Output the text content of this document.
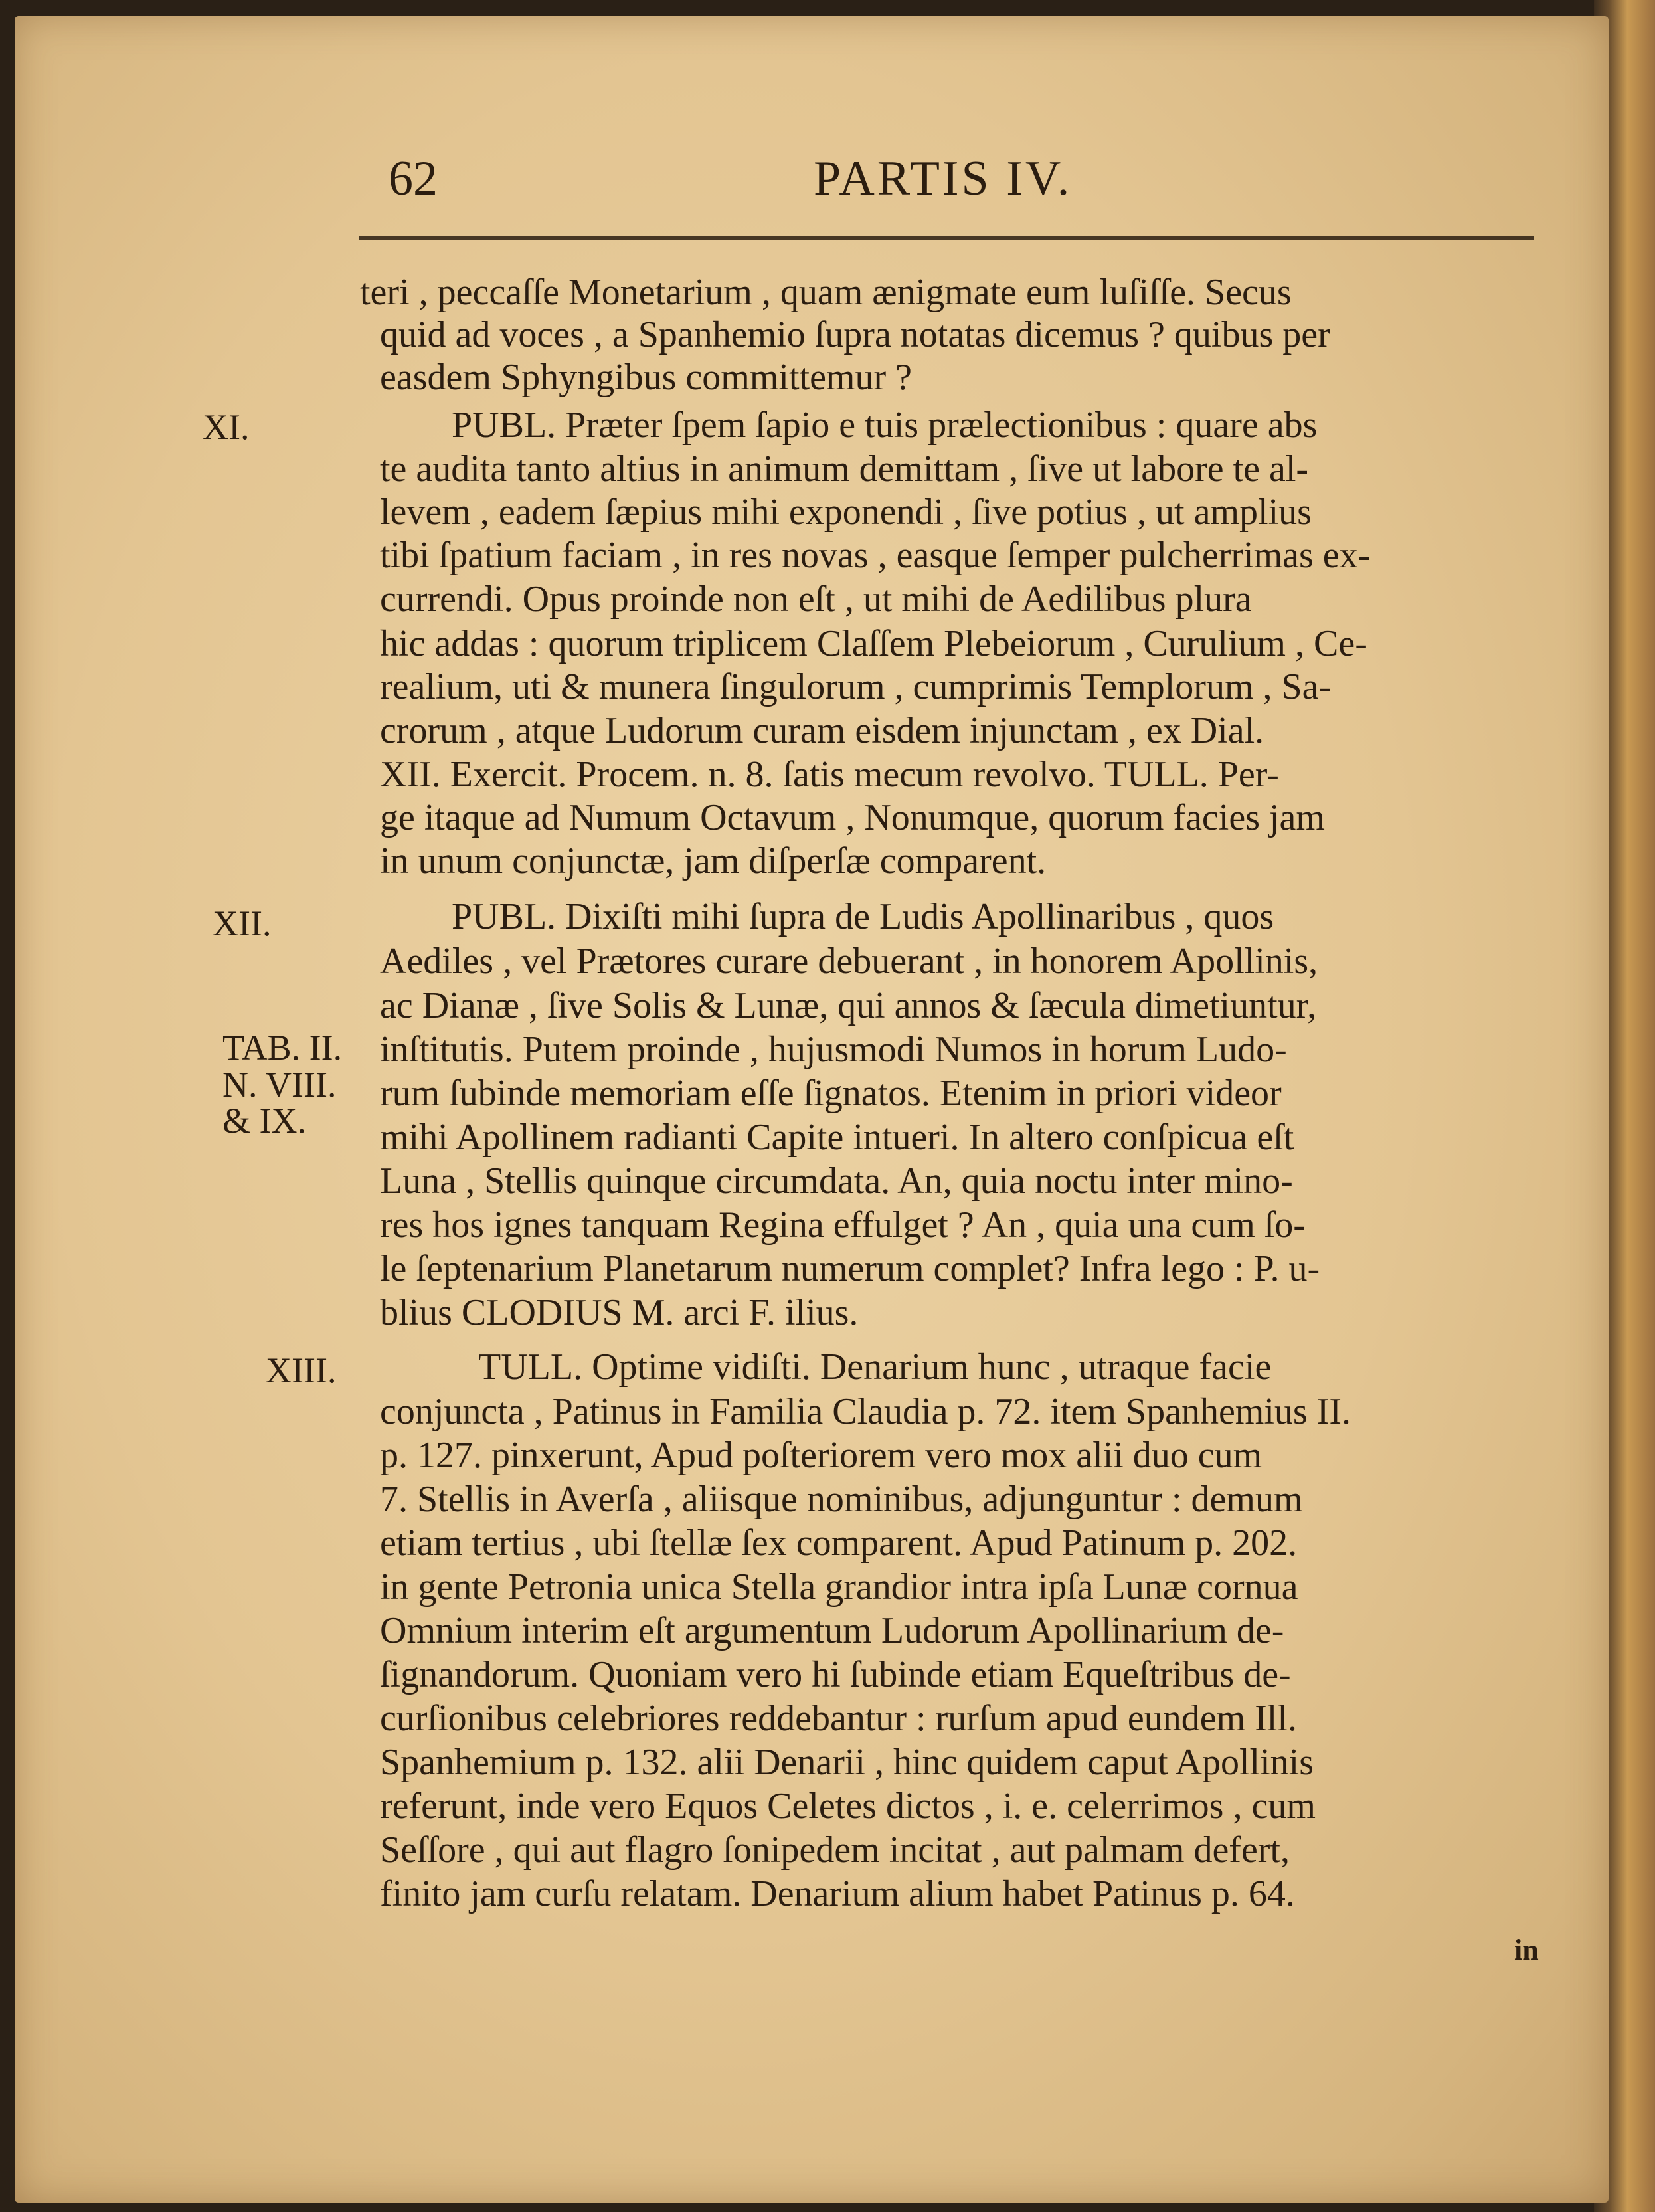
62	PARTIS IV.
XI.
XII.
TAB. II.
N. VIII.
& IX.
XIII.
teri , peccaſſe Monetarium , quam ænigmate eum luſiſſe. Secus
quid ad voces , a Spanhemio ſupra notatas dicemus ? quibus per
easdem Sphyngibus committemur ?
PUBL. Præter ſpem ſapio e tuis prælectionibus : quare abs
te audita tanto altius in animum demittam , ſive ut labore te al-
levem , eadem ſæpius mihi exponendi , ſive potius , ut amplius
tibi ſpatium faciam , in res novas , easque ſemper pulcherrimas ex-
currendi. Opus proinde non eſt , ut mihi de Aedilibus plura
hic addas : quorum triplicem Claſſem Plebeiorum , Curulium , Ce-
realium, uti & munera ſingulorum , cumprimis Templorum , Sa-
crorum , atque Ludorum curam eisdem injunctam , ex Dial.
XII. Exercit. Procem. n. 8. ſatis mecum revolvo. TULL. Per-
ge itaque ad Numum Octavum , Nonumque, quorum facies jam
in unum conjunctæ, jam diſperſæ comparent.
PUBL. Dixiſti mihi ſupra de Ludis Apollinaribus , quos
Aediles , vel Prætores curare debuerant , in honorem Apollinis,
ac Dianæ , ſive Solis & Lunæ, qui annos & ſæcula dimetiuntur,
inſtitutis. Putem proinde , hujusmodi Numos in horum Ludo-
rum ſubinde memoriam eſſe ſignatos. Etenim in priori videor
mihi Apollinem radianti Capite intueri. In altero conſpicua eſt
Luna , Stellis quinque circumdata. An, quia noctu inter mino-
res hos ignes tanquam Regina effulget ? An , quia una cum ſo-
le ſeptenarium Planetarum numerum complet? Infra lego : P. u-
blius CLODIUS M. arci F. ilius.
TULL. Optime vidiſti. Denarium hunc , utraque facie
conjuncta , Patinus in Familia Claudia p. 72. item Spanhemius II.
p. 127. pinxerunt, Apud poſteriorem vero mox alii duo cum
7. Stellis in Averſa , aliisque nominibus, adjunguntur : demum
etiam tertius , ubi ſtellæ ſex comparent. Apud Patinum p. 202.
in gente Petronia unica Stella grandior intra ipſa Lunæ cornua
Omnium interim eſt argumentum Ludorum Apollinarium de-
ſignandorum. Quoniam vero hi ſubinde etiam Equeſtribus de-
curſionibus celebriores reddebantur : rurſum apud eundem Ill.
Spanhemium p. 132. alii Denarii , hinc quidem caput Apollinis
referunt, inde vero Equos Celetes dictos , i. e. celerrimos , cum
Seſſore , qui aut flagro ſonipedem incitat , aut palmam defert,
finito jam curſu relatam. Denarium alium habet Patinus p. 64.
in
